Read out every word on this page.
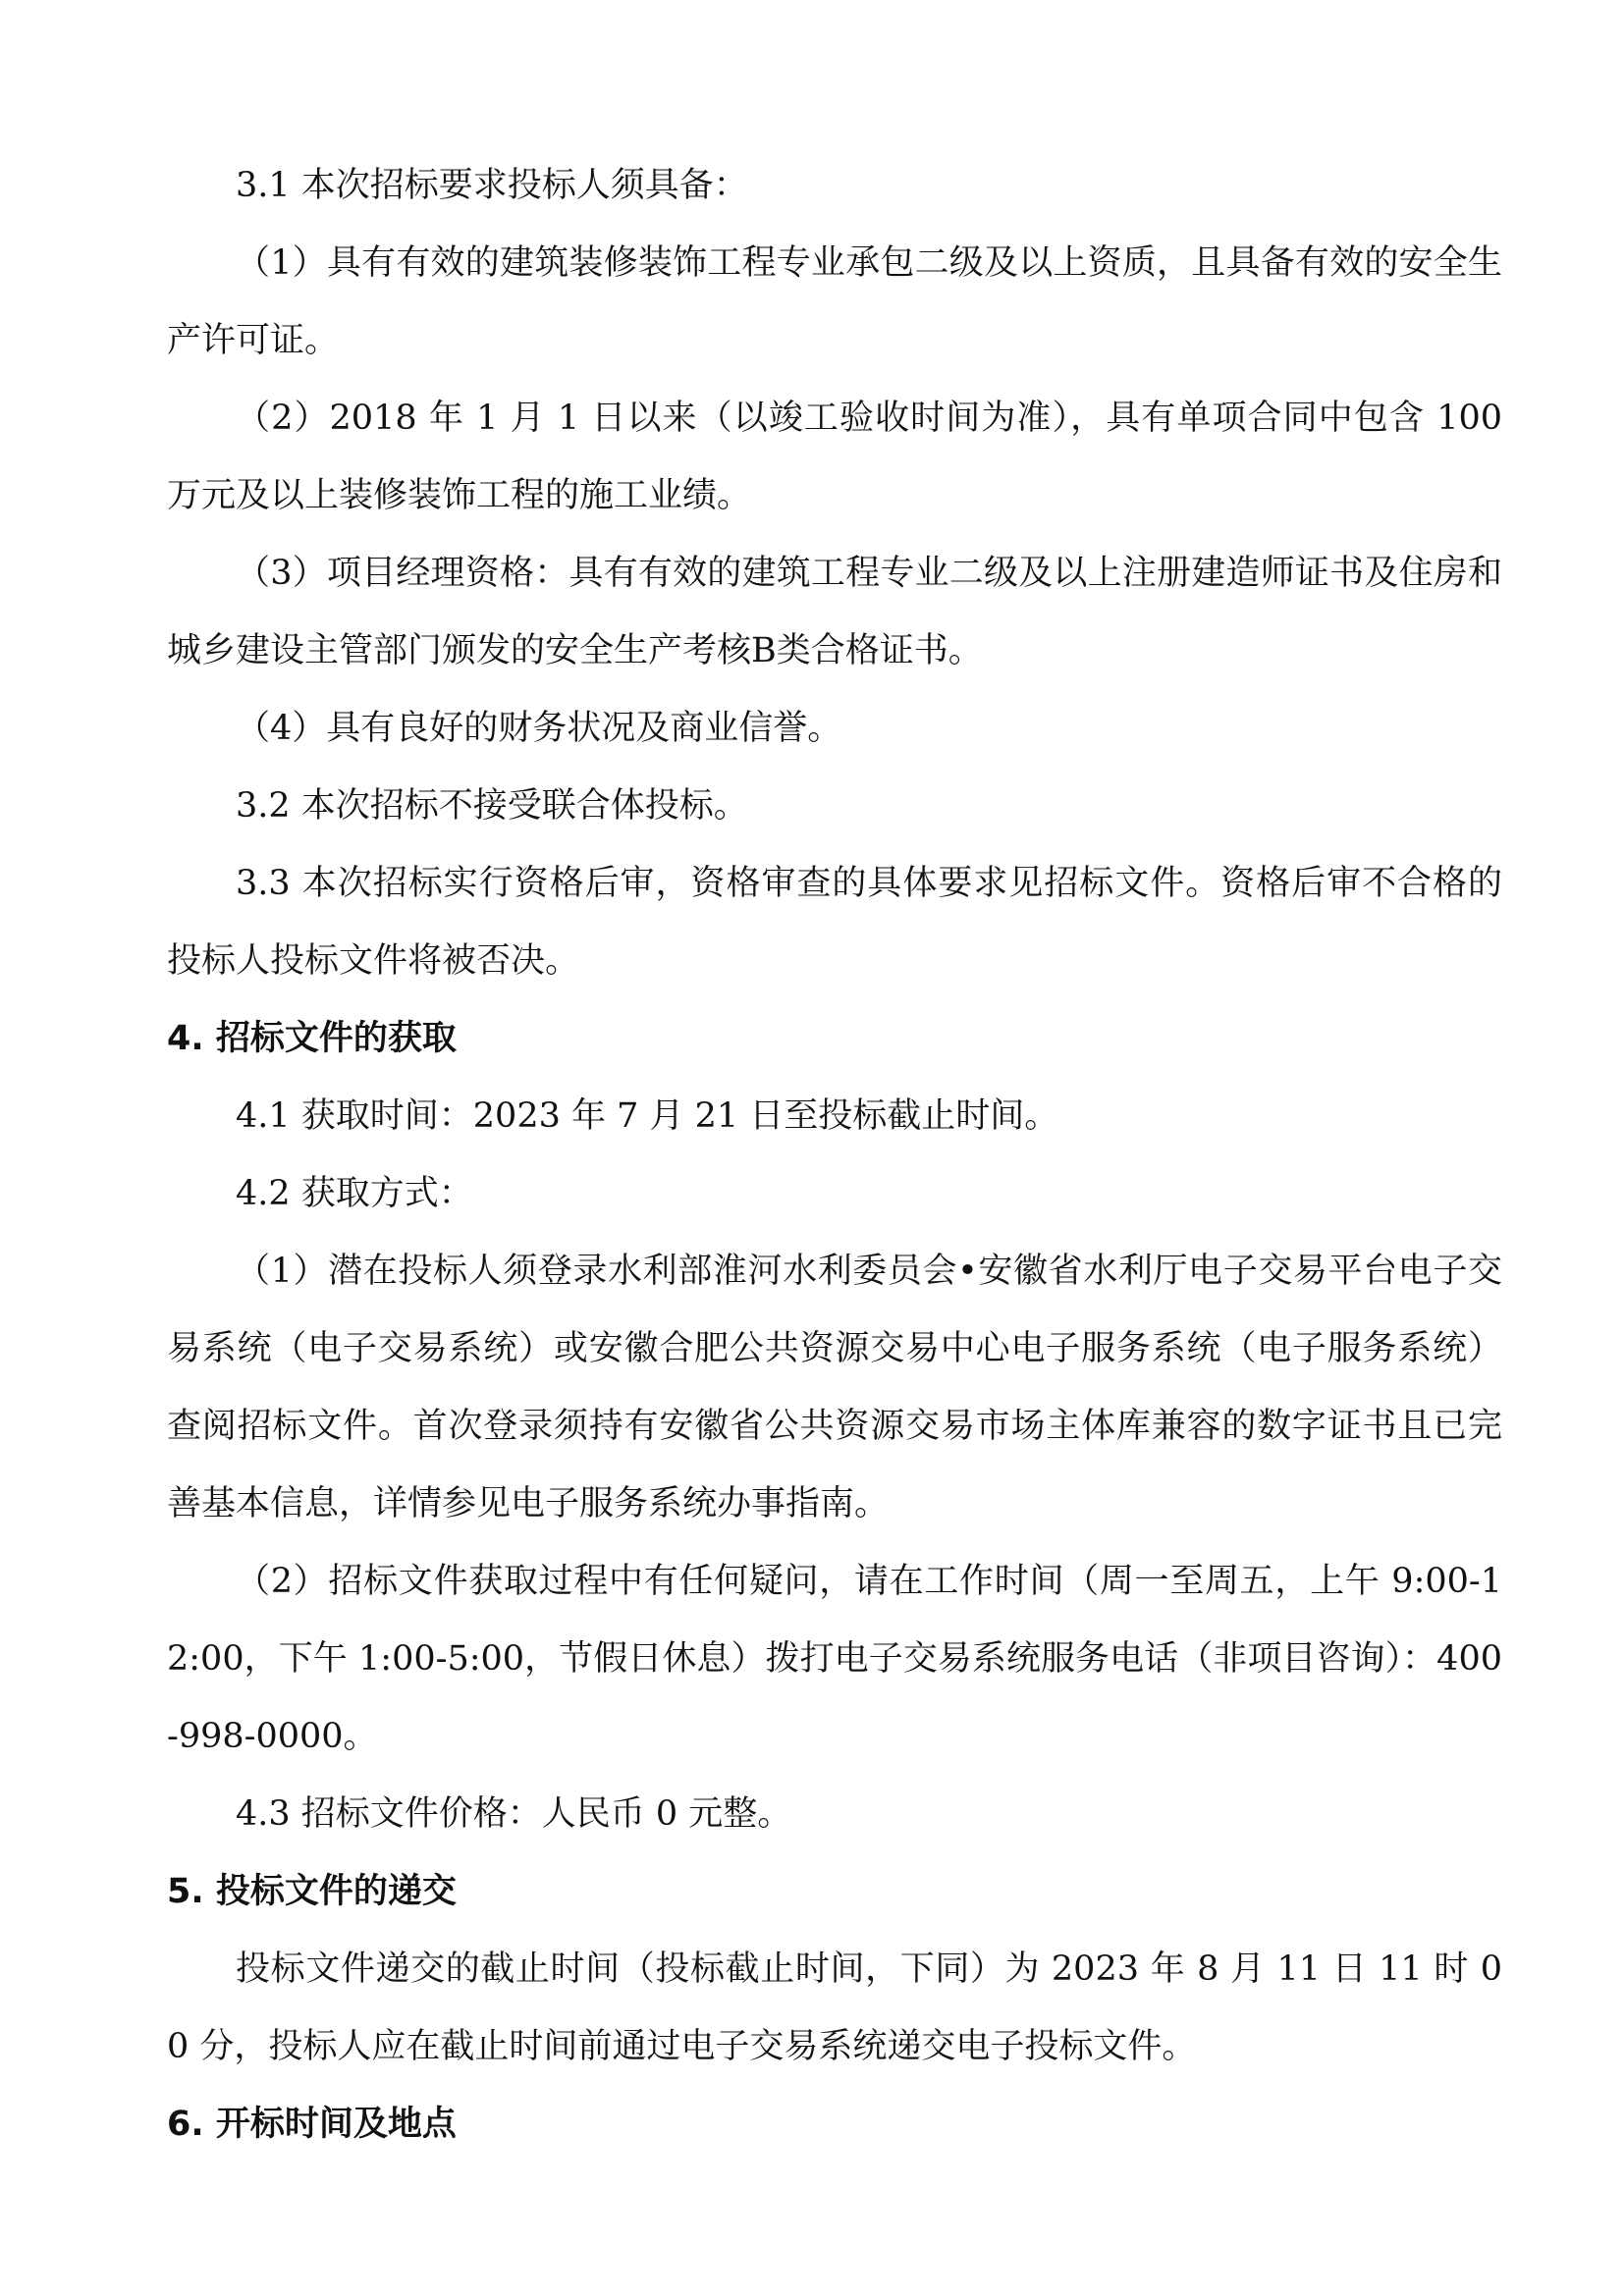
3.1 本次招标要求投标人须具备：

（1）具有有效的建筑装修装饰工程专业承包二级及以上资质，且具备有效的安全生产许可证。

（2）2018 年 1 月 1 日以来（以竣工验收时间为准），具有单项合同中包含 100 万元及以上装修装饰工程的施工业绩。

（3）项目经理资格：具有有效的建筑工程专业二级及以上注册建造师证书及住房和城乡建设主管部门颁发的安全生产考核B类合格证书。

（4）具有良好的财务状况及商业信誉。

3.2 本次招标不接受联合体投标。

3.3 本次招标实行资格后审，资格审查的具体要求见招标文件。资格后审不合格的投标人投标文件将被否决。

4. 招标文件的获取

4.1 获取时间：2023 年 7 月 21 日至投标截止时间。

4.2 获取方式：

（1）潜在投标人须登录水利部淮河水利委员会•安徽省水利厅电子交易平台电子交易系统（电子交易系统）或安徽合肥公共资源交易中心电子服务系统（电子服务系统）查阅招标文件。首次登录须持有安徽省公共资源交易市场主体库兼容的数字证书且已完善基本信息，详情参见电子服务系统办事指南。

（2）招标文件获取过程中有任何疑问，请在工作时间（周一至周五，上午 9:00-12:00，下午 1:00-5:00，节假日休息）拨打电子交易系统服务电话（非项目咨询）：400-998-0000。

4.3 招标文件价格：人民币 0 元整。

5. 投标文件的递交

投标文件递交的截止时间（投标截止时间，下同）为 2023 年 8 月 11 日 11 时 00 分，投标人应在截止时间前通过电子交易系统递交电子投标文件。

6. 开标时间及地点
